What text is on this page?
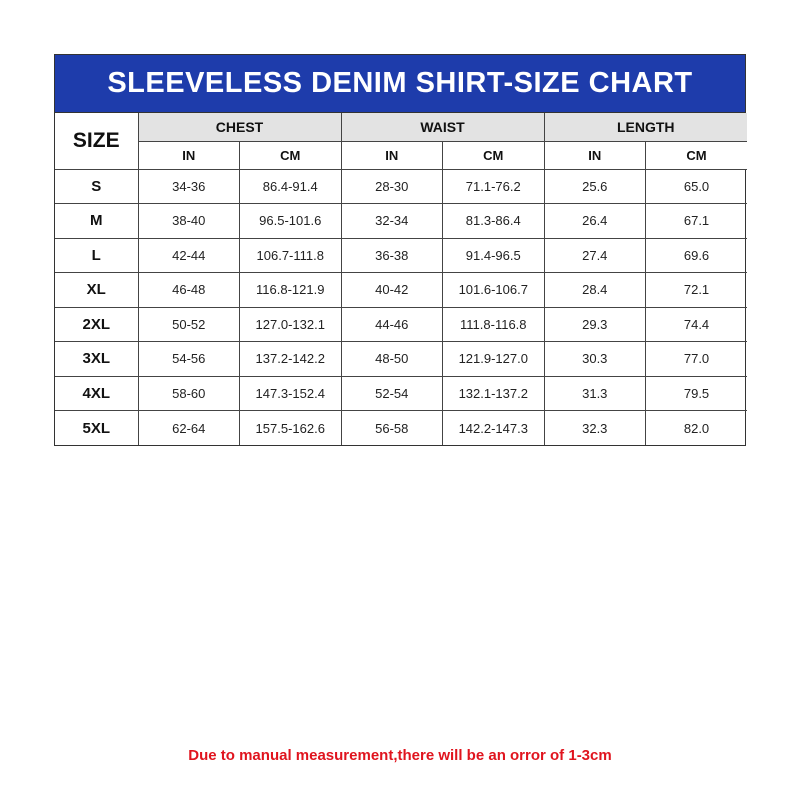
SLEEVELESS DENIM SHIRT-SIZE CHART
SIZE	CHEST		WAIST		LENGTH	
	IN	CM	IN	CM	IN	CM
S	34-36	86.4-91.4	28-30	71.1-76.2	25.6	65.0
M	38-40	96.5-101.6	32-34	81.3-86.4	26.4	67.1
L	42-44	106.7-111.8	36-38	91.4-96.5	27.4	69.6
XL	46-48	116.8-121.9	40-42	101.6-106.7	28.4	72.1
2XL	50-52	127.0-132.1	44-46	111.8-116.8	29.3	74.4
3XL	54-56	137.2-142.2	48-50	121.9-127.0	30.3	77.0
4XL	58-60	147.3-152.4	52-54	132.1-137.2	31.3	79.5
5XL	62-64	157.5-162.6	56-58	142.2-147.3	32.3	82.0
Due to manual measurement,there will be an orror of 1-3cm
